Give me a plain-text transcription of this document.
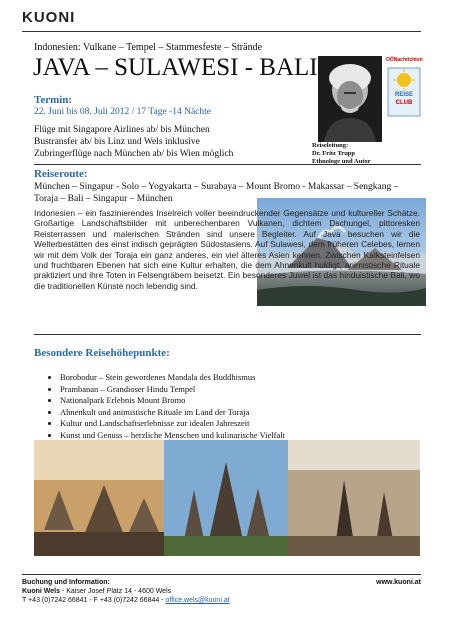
KUONI
Indonesien: Vulkane – Tempel – Stammesfeste – Strände
JAVA – SULAWESI - BALI
Termin:
22. Juni bis 08. Juli 2012 / 17 Tage -14 Nächte
Flüge mit Singapore Airlines ab/ bis München
Bustransfer ab/ bis Linz und Wels inklusive
Zubringerflüge nach München ab/ bis Wien möglich
Reiseleitung:
Dr. Fritz Trupp
Ethnologe und Autor
OÖNachrichten
REISE
CLUB
Reiseroute:
München – Singapur - Solo – Yogyakarta – Surabaya – Mount Bromo - Makassar – Sengkang –
Toraja – Bali – Singapur – München
Indonesien – ein faszinierendes Inselreich voller beeindruckender Gegensätze und kultureller Schätze. Großartige Landschaftsbilder mit unberechenbaren Vulkanen, dichtem Dschungel, pittoresken Reisterrassen und malerischen Stränden sind unsere Begleiter. Auf Java besuchen wir die Welterbestätten des einst indisch geprägten Südostasiens. Auf Sulawesi, dem früheren Celebes, lernen wir mit dem Volk der Toraja ein ganz anderes, ein viel älteres Asien kennen. Zwischen Kalksteinfelsen und fruchtbaren Ebenen hat sich eine Kultur erhalten, die dem Ahnenkult huldigt, animistische Rituale praktiziert und ihre Toten in Felsengräbern beisetzt. Ein besonderes Juwel ist das hinduistische Bali, wo die traditionellen Künste noch lebendig sind.
Besondere Reisehöhepunkte:
• Borobodur – Stein gewordenes Mandala des Buddhismus
• Prambanan – Grandioser Hindu Tempel
• Nationalpark Erlebnis Mount Bromo
• Ahnenkult und animistische Rituale im Land der Toraja
• Kultur und Landschaftserlebnisse zur idealen Jahreszeit
• Kunst und Genuss – herzliche Menschen und kulinarische Vielfalt
•
Buchung und Information:	www.kuoni.at
Kuoni Wels - Kaiser Josef Platz 14 - 4600 Wels
T +43 (0)7242 66841 - F +43 (0)7242 66844 - office.wels@kuoni.at
